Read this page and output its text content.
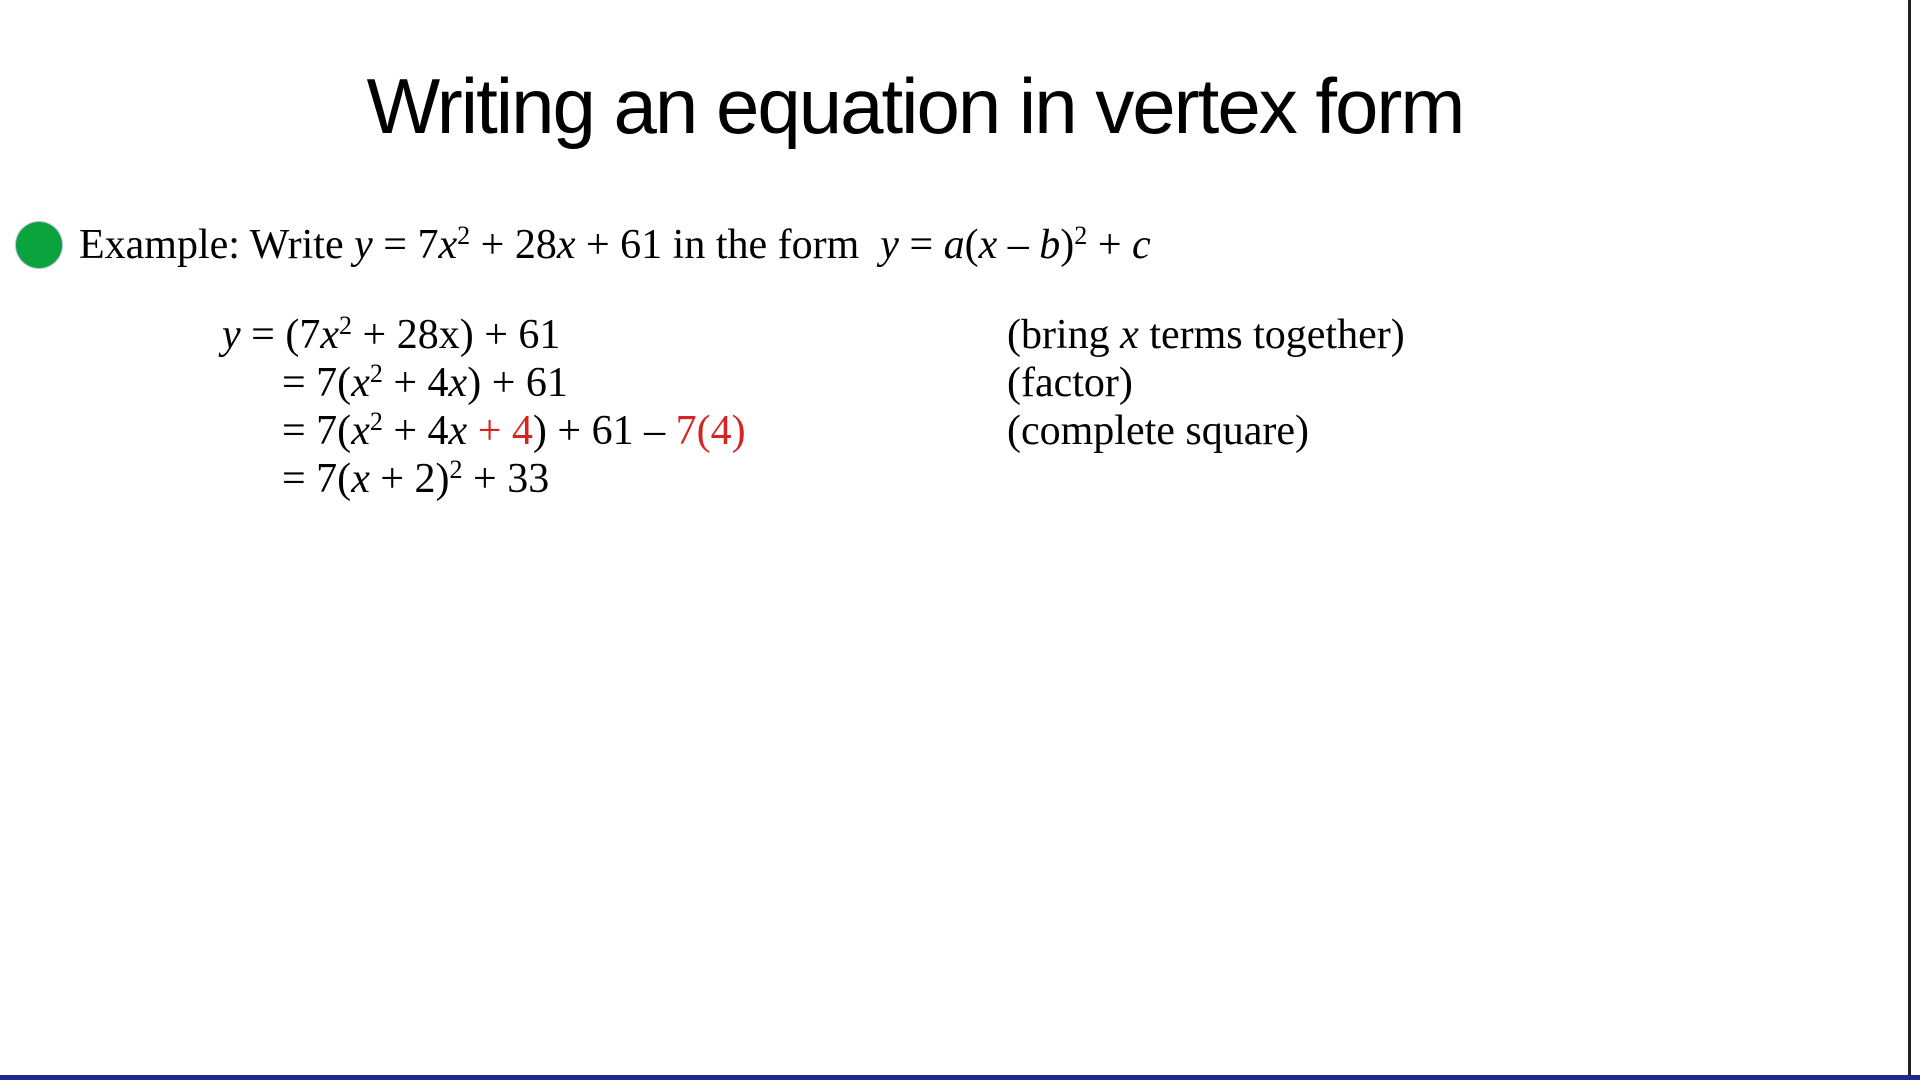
Writing an equation in vertex form
Example: Write $y = 7x^2 + 28x + 61$ in the form  y = a(x – b)$^2$ + c
$y = (7x^2 + 28x) + 61$
= $7(x^2 + 4x) + 61$
= $7(x^2 + 4x + 4) + 61 - 7(4)$
= $7(x + 2)^2 + 33$
(bring x terms together)
(factor)
(complete square)
